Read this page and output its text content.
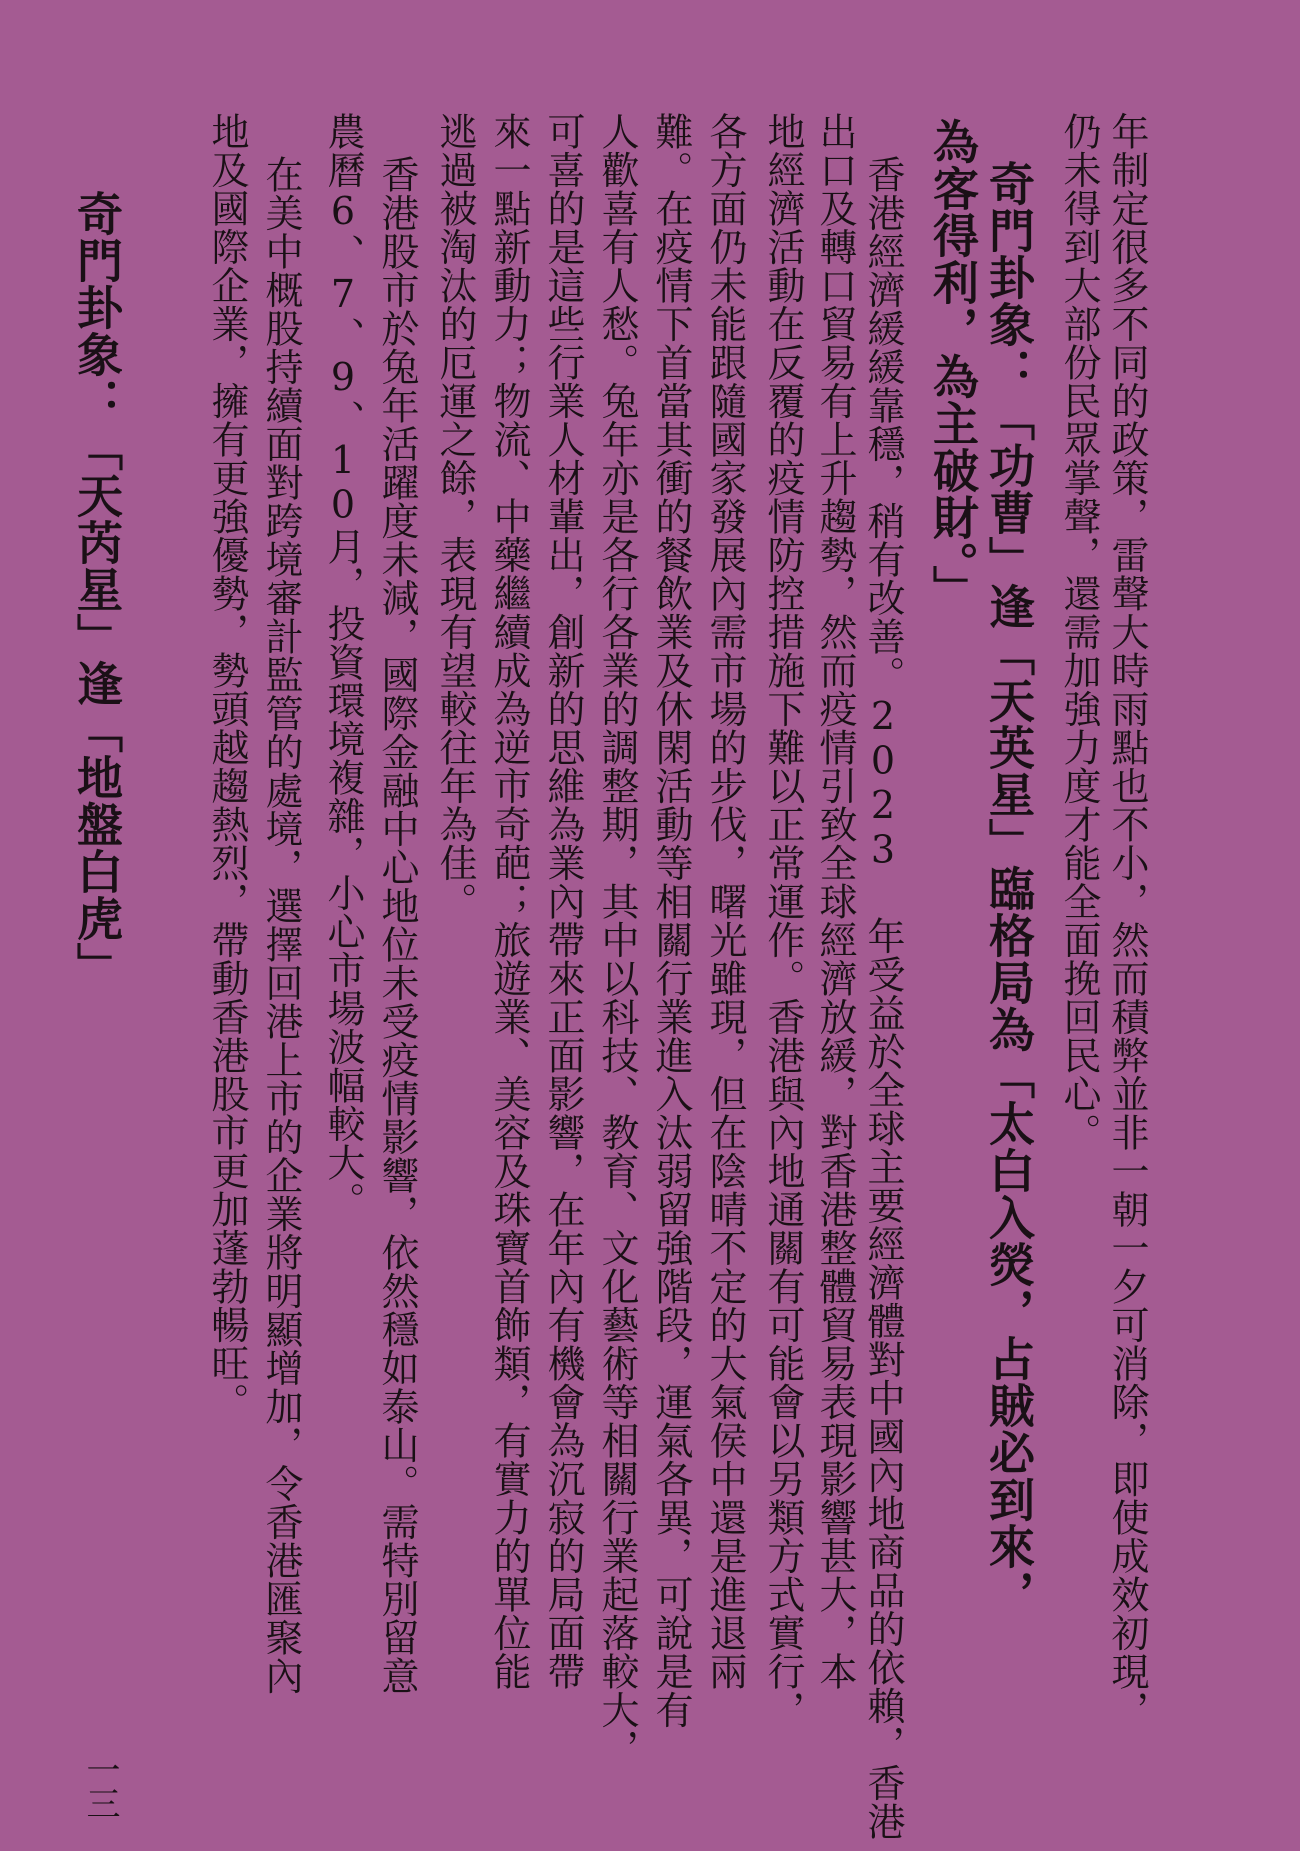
年制定很多不同的政策，雷聲大時雨點也不小，然而積弊並非一朝一夕可消除，即使成效初現，
仍未得到大部份民眾掌聲，還需加強力度才能全面挽回民心。
奇門卦象：「功曹」逢「天英星」臨格局為「太白入熒，占賊必到來，
為客得利，為主破財。」
香港經濟緩緩靠穩，稍有改善。2023 年受益於全球主要經濟體對中國內地商品的依賴，香港
出口及轉口貿易有上升趨勢，然而疫情引致全球經濟放緩，對香港整體貿易表現影響甚大，本
地經濟活動在反覆的疫情防控措施下難以正常運作。香港與內地通關有可能會以另類方式實行，
各方面仍未能跟隨國家發展內需市場的步伐，曙光雖現，但在陰晴不定的大氣侯中還是進退兩
難。在疫情下首當其衝的餐飲業及休閑活動等相關行業進入汰弱留強階段，運氣各異，可說是有
人歡喜有人愁。兔年亦是各行各業的調整期，其中以科技、教育、文化藝術等相關行業起落較大，
可喜的是這些行業人材輩出，創新的思維為業內帶來正面影響，在年內有機會為沉寂的局面帶
來一點新動力；物流、中藥繼續成為逆市奇葩；旅遊業、美容及珠寶首飾類，有實力的單位能
逃過被淘汰的厄運之餘，表現有望較往年為佳。
香港股市於兔年活躍度未減，國際金融中心地位未受疫情影響，依然穩如泰山。需特別留意
農曆6、7、9、10月，投資環境複雜，小心市場波幅較大。
在美中概股持續面對跨境審計監管的處境，選擇回港上市的企業將明顯增加，令香港匯聚內
地及國際企業，擁有更強優勢，勢頭越趨熱烈，帶動香港股市更加蓬勃暢旺。
奇門卦象：「天芮星」逢「地盤白虎」
一三
